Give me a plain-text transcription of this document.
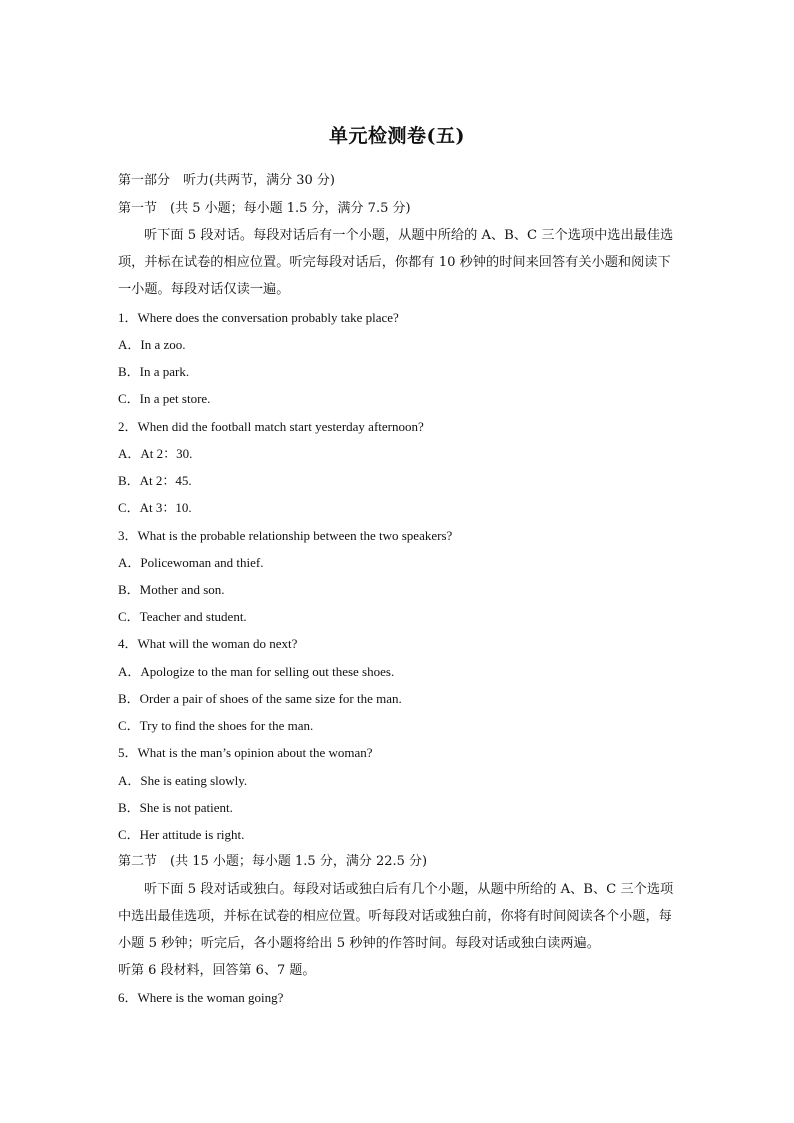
单元检测卷(五)
第一部分　听力(共两节，满分 30 分)
第一节　(共 5 小题；每小题 1.5 分，满分 7.5 分)
听下面 5 段对话。每段对话后有一个小题，从题中所给的 A、B、C 三个选项中选出最佳选项，并标在试卷的相应位置。听完每段对话后，你都有 10 秒钟的时间来回答有关小题和阅读下一小题。每段对话仅读一遍。
1．Where does the conversation probably take place?
A．In a zoo.
B．In a park.
C．In a pet store.
2．When did the football match start yesterday afternoon?
A．At 2：30.
B．At 2：45.
C．At 3：10.
3．What is the probable relationship between the two speakers?
A．Policewoman and thief.
B．Mother and son.
C．Teacher and student.
4．What will the woman do next?
A．Apologize to the man for selling out these shoes.
B．Order a pair of shoes of the same size for the man.
C．Try to find the shoes for the man.
5．What is the man’s opinion about the woman?
A．She is eating slowly.
B．She is not patient.
C．Her attitude is right.
第二节　(共 15 小题；每小题 1.5 分，满分 22.5 分)
听下面 5 段对话或独白。每段对话或独白后有几个小题，从题中所给的 A、B、C 三个选项中选出最佳选项，并标在试卷的相应位置。听每段对话或独白前，你将有时间阅读各个小题，每小题 5 秒钟；听完后，各小题将给出 5 秒钟的作答时间。每段对话或独白读两遍。
听第 6 段材料，回答第 6、7 题。
6．Where is the woman going?
